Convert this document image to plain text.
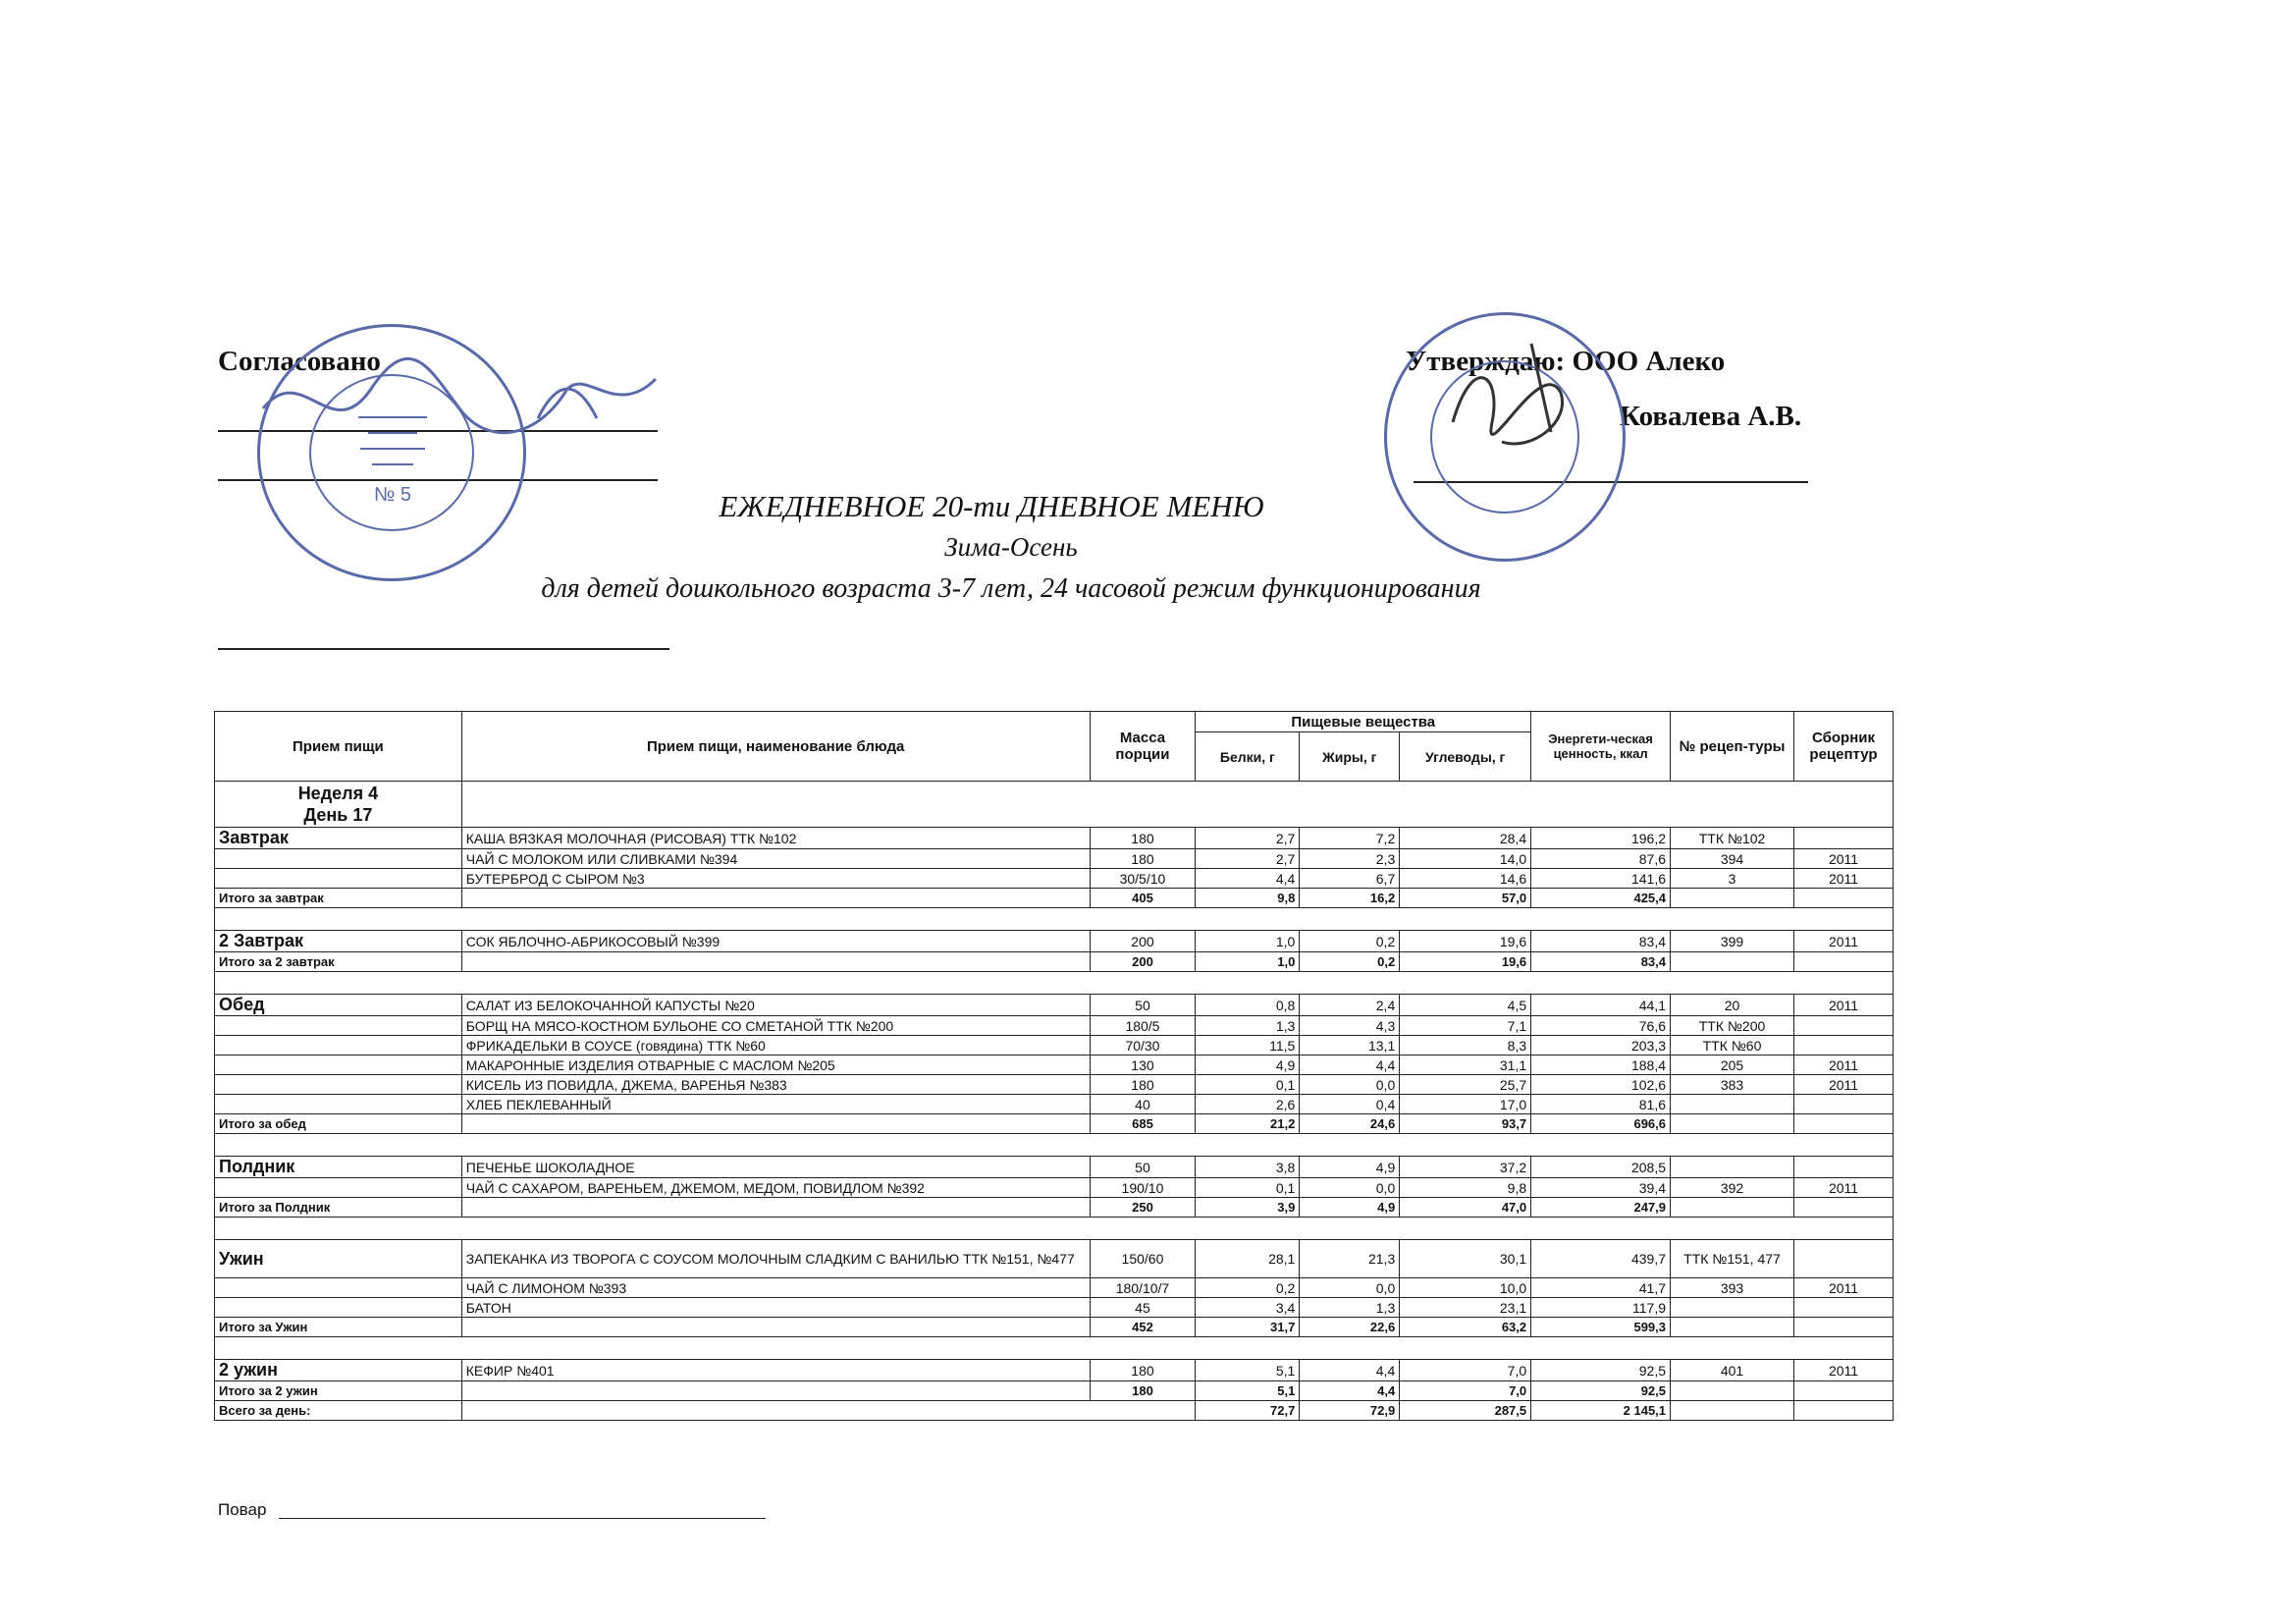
Согласовано	Утверждаю: ООО Алеко
Ковалева А.В.
№ 5	ЕЖЕДНЕВНОЕ 20-ти ДНЕВНОЕ МЕНЮ
Зима-Осень
для детей дошкольного возраста 3-7 лет, 24 часовой режим функционирования
Прием пищи	Прием пищи, наименование блюда	Масса порции	Пищевые вещества			Энергети-ческая ценность, ккал	№ рецеп-туры	Сборник рецептур
			Белки, г	Жиры, г	Углеводы, г			

Неделя 4
День 17								

Завтрак	КАША ВЯЗКАЯ МОЛОЧНАЯ (РИСОВАЯ) ТТК №102	180	2,7	7,2	28,4	196,2	ТТК №102	
	ЧАЙ С МОЛОКОМ ИЛИ СЛИВКАМИ №394	180	2,7	2,3	14,0	87,6	394	2011
	БУТЕРБРОД С СЫРОМ №3	30/5/10	4,4	6,7	14,6	141,6	3	2011
Итого за завтрак		405	9,8	16,2	57,0	425,4		

2 Завтрак	СОК ЯБЛОЧНО-АБРИКОСОВЫЙ №399	200	1,0	0,2	19,6	83,4	399	2011
Итого за 2 завтрак		200	1,0	0,2	19,6	83,4		

Обед	САЛАТ ИЗ БЕЛОКОЧАННОЙ КАПУСТЫ №20	50	0,8	2,4	4,5	44,1	20	2011
	БОРЩ НА МЯСО-КОСТНОМ БУЛЬОНЕ СО СМЕТАНОЙ ТТК №200	180/5	1,3	4,3	7,1	76,6	ТТК №200	
	ФРИКАДЕЛЬКИ В СОУСЕ (говядина) ТТК №60	70/30	11,5	13,1	8,3	203,3	ТТК №60	
	МАКАРОННЫЕ ИЗДЕЛИЯ ОТВАРНЫЕ С МАСЛОМ №205	130	4,9	4,4	31,1	188,4	205	2011
	КИСЕЛЬ ИЗ ПОВИДЛА, ДЖЕМА, ВАРЕНЬЯ №383	180	0,1	0,0	25,7	102,6	383	2011
	ХЛЕБ ПЕКЛЕВАННЫЙ	40	2,6	0,4	17,0	81,6		
Итого за обед		685	21,2	24,6	93,7	696,6		

Полдник	ПЕЧЕНЬЕ ШОКОЛАДНОЕ	50	3,8	4,9	37,2	208,5		
	ЧАЙ С САХАРОМ, ВАРЕНЬЕМ, ДЖЕМОМ, МЕДОМ, ПОВИДЛОМ №392	190/10	0,1	0,0	9,8	39,4	392	2011
Итого за Полдник		250	3,9	4,9	47,0	247,9		

Ужин	ЗАПЕКАНКА ИЗ ТВОРОГА С СОУСОМ МОЛОЧНЫМ СЛАДКИМ С ВАНИЛЬЮ ТТК №151, №477	150/60	28,1	21,3	30,1	439,7	ТТК №151, 477	
	ЧАЙ С ЛИМОНОМ №393	180/10/7	0,2	0,0	10,0	41,7	393	2011
	БАТОН	45	3,4	1,3	23,1	117,9		
Итого за Ужин		452	31,7	22,6	63,2	599,3		

2 ужин	КЕФИР №401	180	5,1	4,4	7,0	92,5	401	2011
Итого за 2 ужин		180	5,1	4,4	7,0	92,5		
Всего за день:			72,7	72,9	287,5	2 145,1		
Повар
